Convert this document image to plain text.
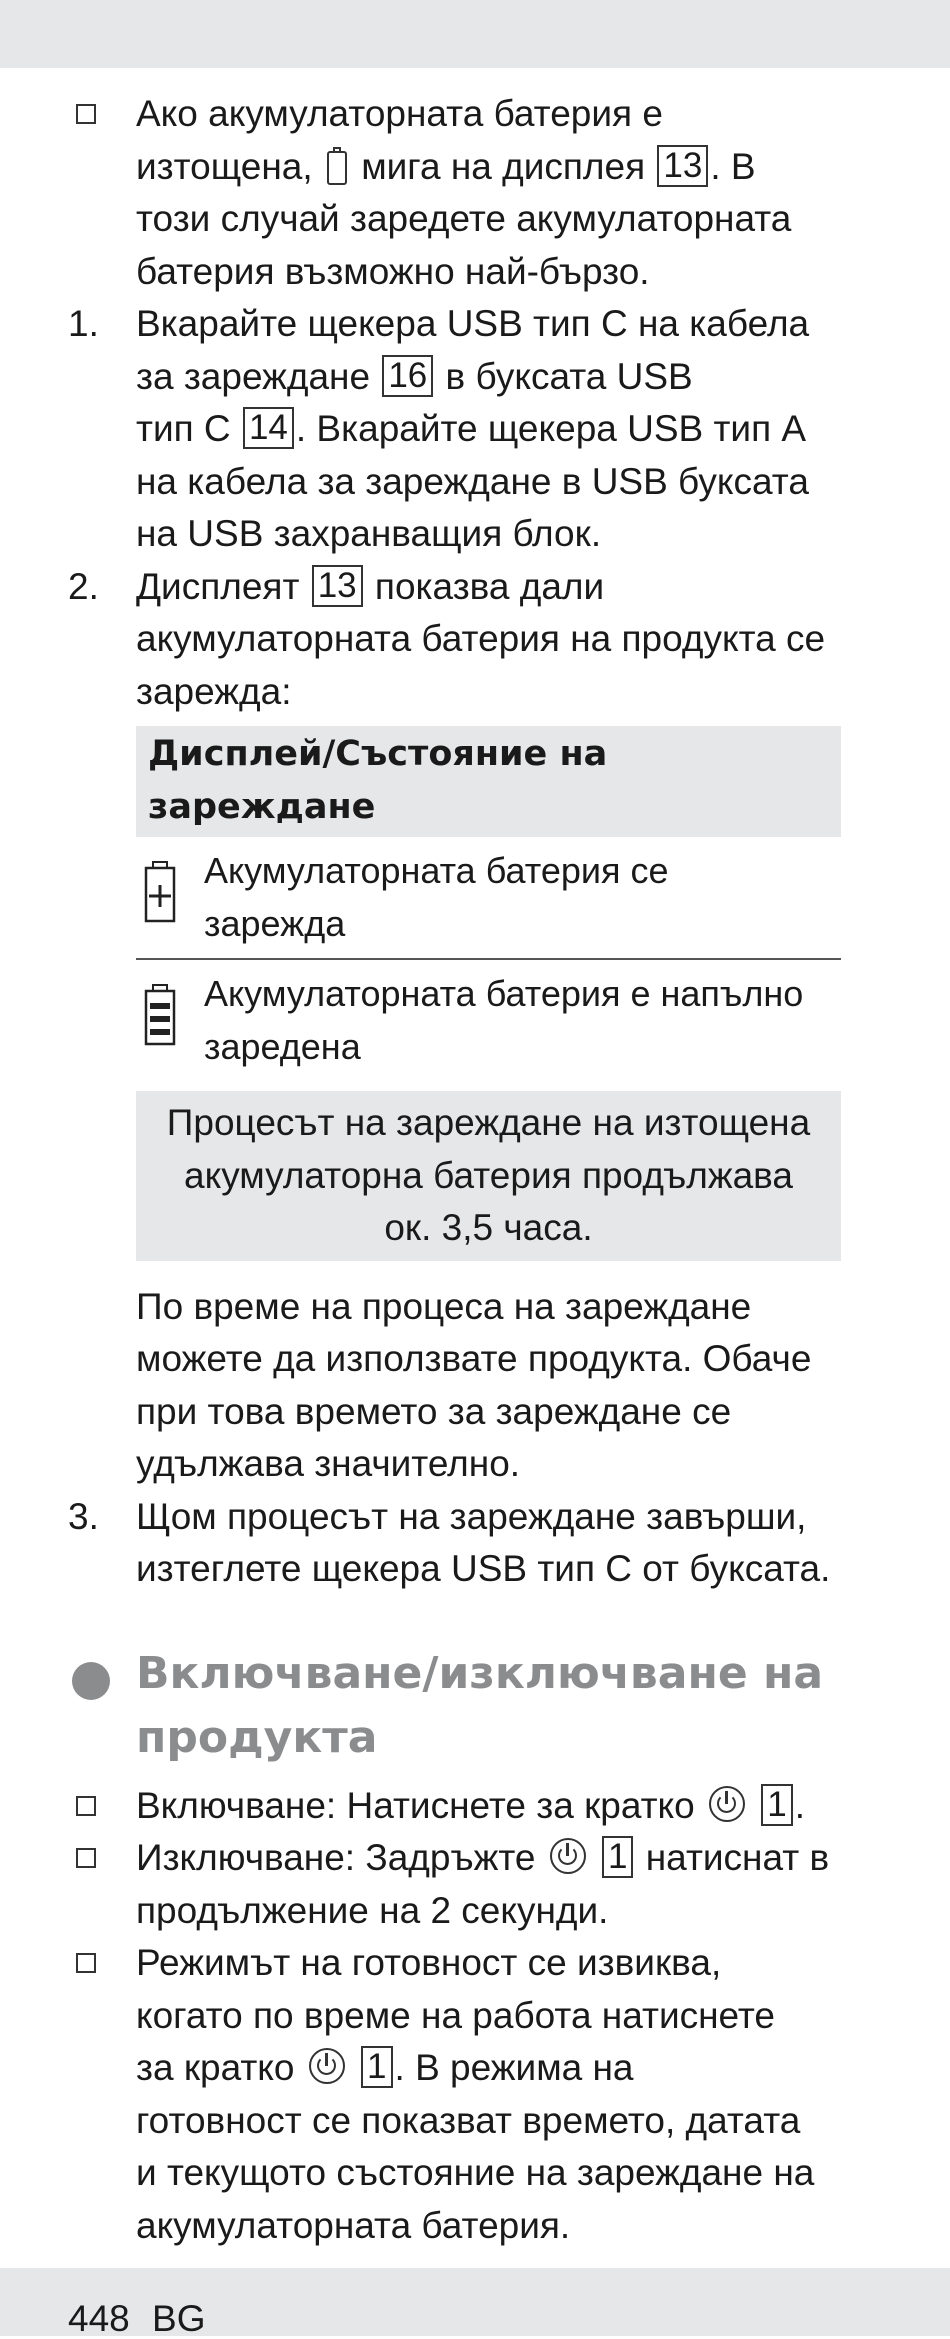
Ако акумулаторната батерия е
изтощена,  мига на дисплея 13 . В
този случай заредете акумулаторната
батерия възможно най-бързо.
1. Вкарайте щекера USB тип C на кабела
за зареждане 16 в буксата USB
тип C 14 . Вкарайте щекера USB тип A
на кабела за зареждане в USB буксата
на USB захранващия блок.
2. Дисплеят 13 показва дали
акумулаторната батерия на продукта се
зарежда:
Дисплей/Състояние на
зареждане
Акумулаторната батерия се
зарежда
Акумулаторната батерия е напълно
заредена
Процесът на зареждане на изтощена
акумулаторна батерия продължава
ок. 3,5 часа.
По време на процеса на зареждане
можете да използвате продукта. Обаче
при това времето за зареждане се
удължава значително.
3. Щом процесът на зареждане завърши,
изтеглете щекера USB тип C от буксата.
Включване/изключване на
продукта
Включване: Натиснете за кратко  1 .
Изключване: Задръжте  1 натиснат в
продължение на 2 секунди.
Режимът на готовност се извиква,
когато по време на работа натиснете
за кратко  1 . В режима на
готовност се показват времето, датата
и текущото състояние на зареждане на
акумулаторната батерия.
448 BG
